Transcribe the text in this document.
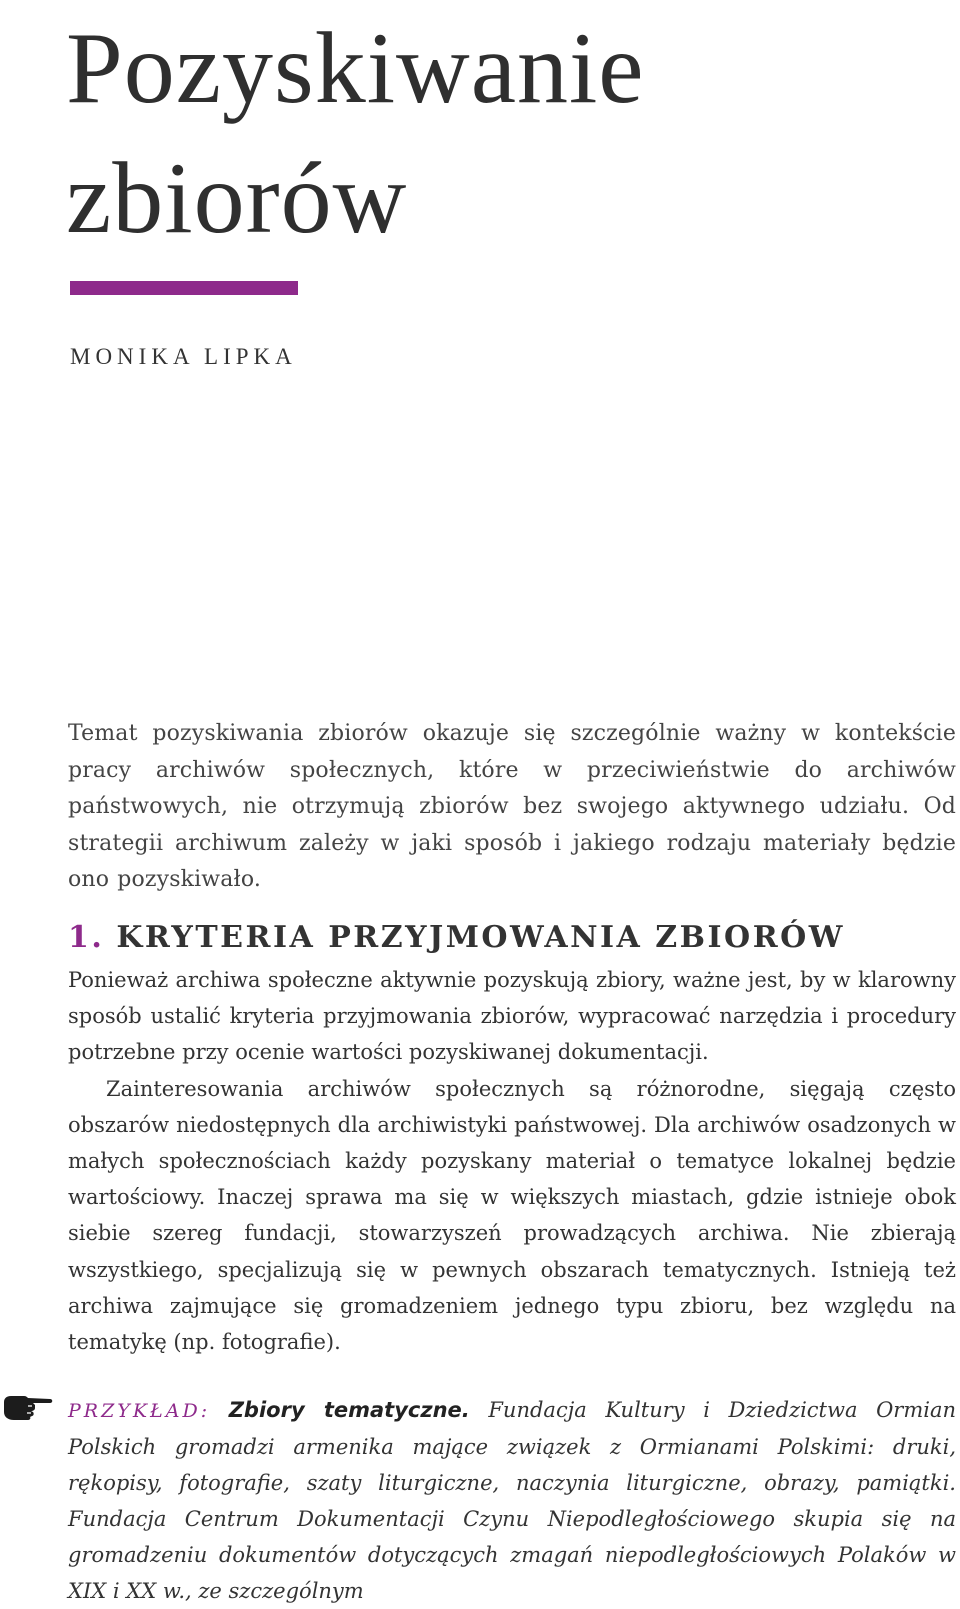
Pozyskiwanie
zbiorów
MONIKA LIPKA

Temat pozyskiwania zbiorów okazuje się szczególnie ważny w kontekście pracy archiwów społecznych, które w przeciwieństwie do archiwów państwowych, nie otrzymują zbiorów bez swojego aktywnego udziału. Od strategii archiwum zależy w jaki sposób i jakiego rodzaju materiały będzie ono pozyskiwało.

1. KRYTERIA PRZYJMOWANIA ZBIORÓW

Ponieważ archiwa społeczne aktywnie pozyskują zbiory, ważne jest, by w klarowny sposób ustalić kryteria przyjmowania zbiorów, wypracować narzędzia i procedury potrzebne przy ocenie wartości pozyskiwanej dokumentacji.

Zainteresowania archiwów społecznych są różnorodne, sięgają często obszarów niedostępnych dla archiwistyki państwowej. Dla archiwów osadzonych w małych społecznościach każdy pozyskany materiał o tematyce lokalnej będzie wartościowy. Inaczej sprawa ma się w większych miastach, gdzie istnieje obok siebie szereg fundacji, stowarzyszeń prowadzących archiwa. Nie zbierają wszystkiego, specjalizują się w pewnych obszarach tematycznych. Istnieją też archiwa zajmujące się gromadzeniem jednego typu zbioru, bez względu na tematykę (np. fotografie).

PRZYKŁAD: Zbiory tematyczne. Fundacja Kultury i Dziedzictwa Ormian Polskich gromadzi armenika mające związek z Ormianami Polskimi: druki, rękopisy, fotografie, szaty liturgiczne, naczynia liturgiczne, obrazy, pamiątki. Fundacja Centrum Dokumentacji Czynu Niepodległościowego skupia się na gromadzeniu dokumentów dotyczących zmagań niepodległościowych Polaków w XIX i XX w., ze szczególnym
